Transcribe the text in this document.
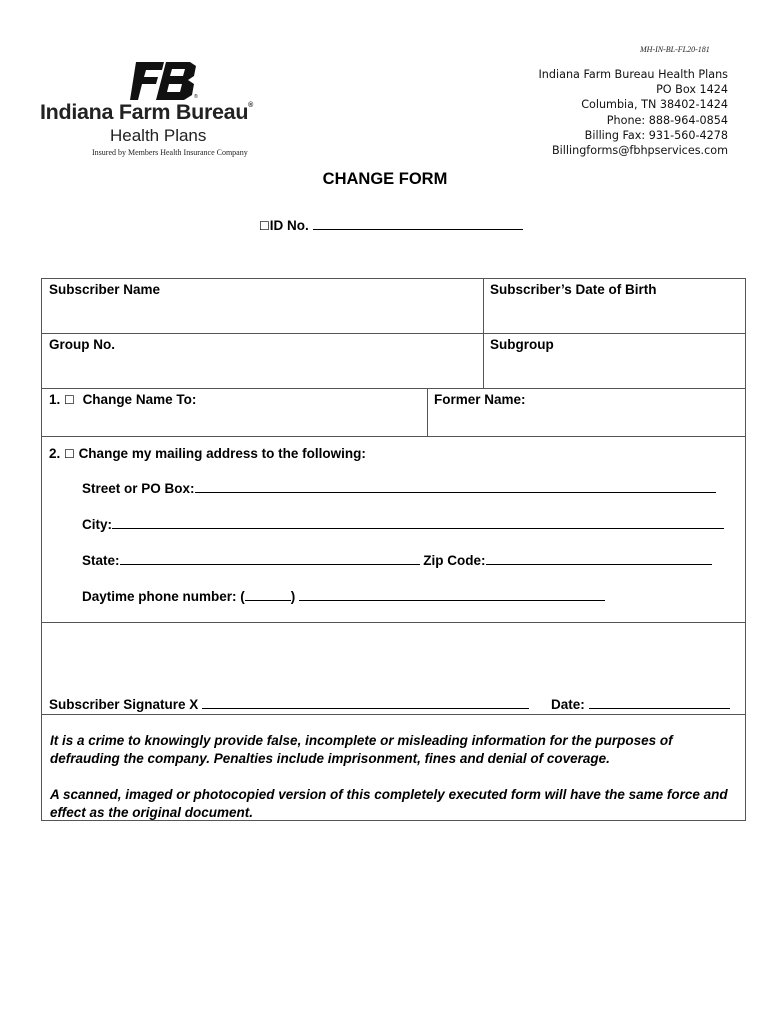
MH-IN-BL-FL20-181
®
Indiana Farm Bureau®
Health Plans
Insured by Members Health Insurance Company
Indiana Farm Bureau Health Plans
PO Box 1424
Columbia, TN 38402-1424
Phone: 888-964-0854
Billing Fax: 931-560-4278
Billingforms@fbhpservices.com
CHANGE FORM
☐ID No.
Subscriber Name	Subscriber’s Date of Birth
Group No.	Subgroup
1. ☐ Change Name To:	Former Name:
2. ☐ Change my mailing address to the following:
Street or PO Box:
City:
State:	Zip Code:
Daytime phone number: (	)
Subscriber Signature X	Date:
It is a crime to knowingly provide false, incomplete or misleading information for the purposes of defrauding the company. Penalties include imprisonment, fines and denial of coverage.
A scanned, imaged or photocopied version of this completely executed form will have the same force and effect as the original document.
